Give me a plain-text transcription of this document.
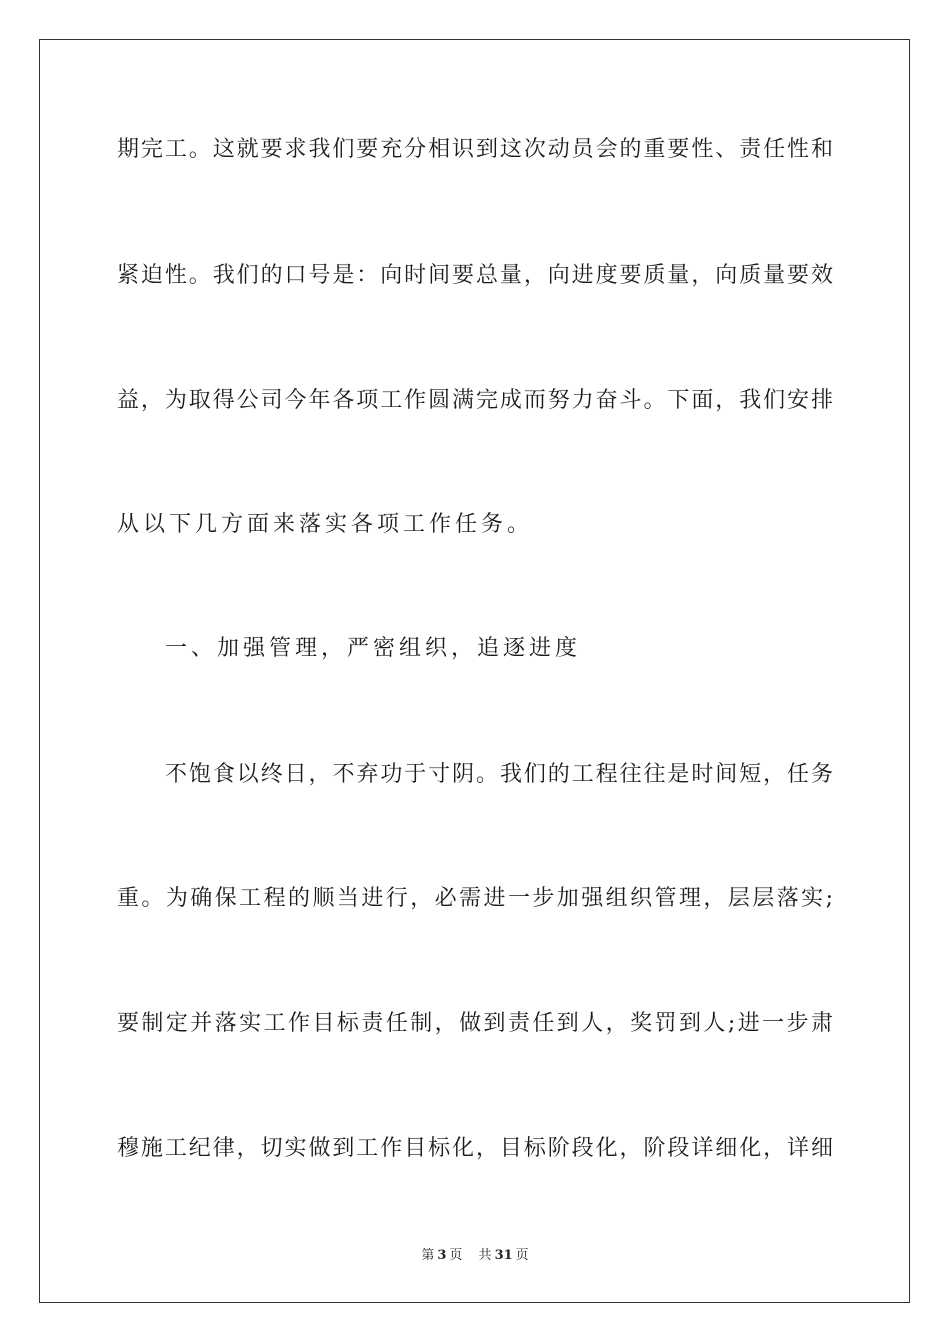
期完工。这就要求我们要充分相识到这次动员会的重要性、责任性和
紧迫性。我们的口号是：向时间要总量，向进度要质量，向质量要效
益，为取得公司今年各项工作圆满完成而努力奋斗。下面，我们安排
从以下几方面来落实各项工作任务。
一、加强管理，严密组织，追逐进度
不饱食以终日，不弃功于寸阴。我们的工程往往是时间短，任务
重。为确保工程的顺当进行，必需进一步加强组织管理，层层落实;
要制定并落实工作目标责任制，做到责任到人，奖罚到人;进一步肃
穆施工纪律，切实做到工作目标化，目标阶段化，阶段详细化，详细
第 3 页 共 31 页
